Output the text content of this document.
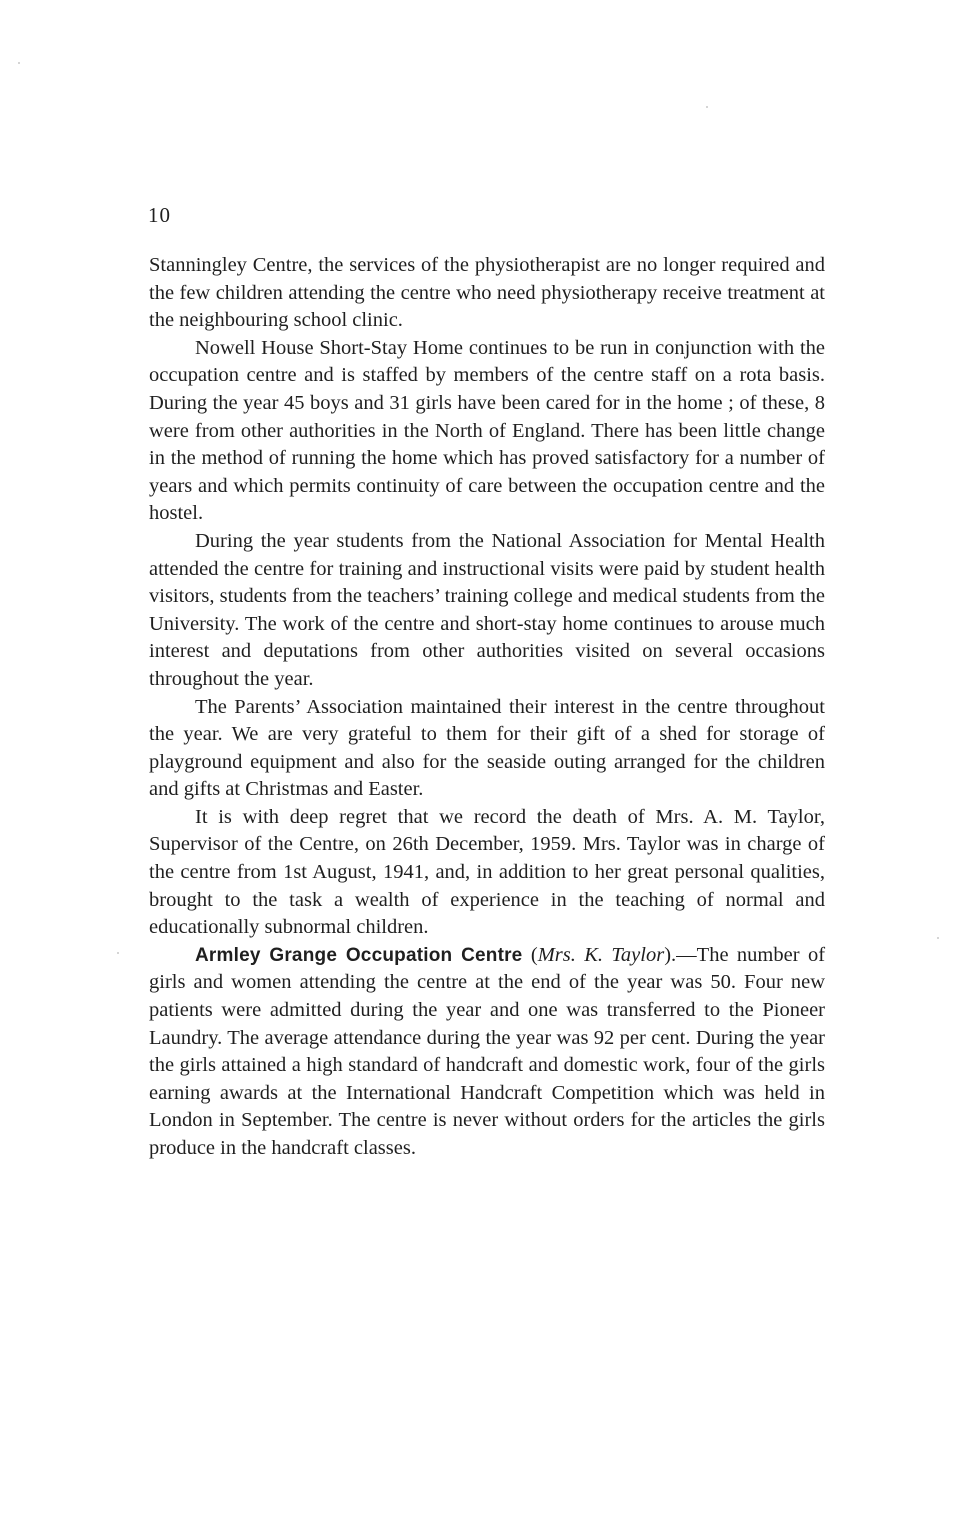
10

Stanningley Centre, the services of the physiotherapist are no longer required and the few children attending the centre who need physiotherapy receive treatment at the neighbouring school clinic.

Nowell House Short-Stay Home continues to be run in conjunction with the occupation centre and is staffed by members of the centre staff on a rota basis. During the year 45 boys and 31 girls have been cared for in the home ; of these, 8 were from other authorities in the North of England. There has been little change in the method of running the home which has proved satisfactory for a number of years and which permits continuity of care between the occupation centre and the hostel.

During the year students from the National Association for Mental Health attended the centre for training and instructional visits were paid by student health visitors, students from the teachers’ training college and medical students from the University. The work of the centre and short-stay home continues to arouse much interest and deputations from other authorities visited on several occasions throughout the year.

The Parents’ Association maintained their interest in the centre throughout the year. We are very grateful to them for their gift of a shed for storage of playground equipment and also for the seaside outing arranged for the children and gifts at Christmas and Easter.

It is with deep regret that we record the death of Mrs. A. M. Taylor, Supervisor of the Centre, on 26th December, 1959. Mrs. Taylor was in charge of the centre from 1st August, 1941, and, in addition to her great personal qualities, brought to the task a wealth of experience in the teaching of normal and educationally subnormal children.

Armley Grange Occupation Centre (Mrs. K. Taylor).—The number of girls and women attending the centre at the end of the year was 50. Four new patients were admitted during the year and one was transferred to the Pioneer Laundry. The average attendance during the year was 92 per cent. During the year the girls attained a high standard of handcraft and domestic work, four of the girls earning awards at the International Handcraft Competition which was held in London in September. The centre is never without orders for the articles the girls produce in the handcraft classes.
